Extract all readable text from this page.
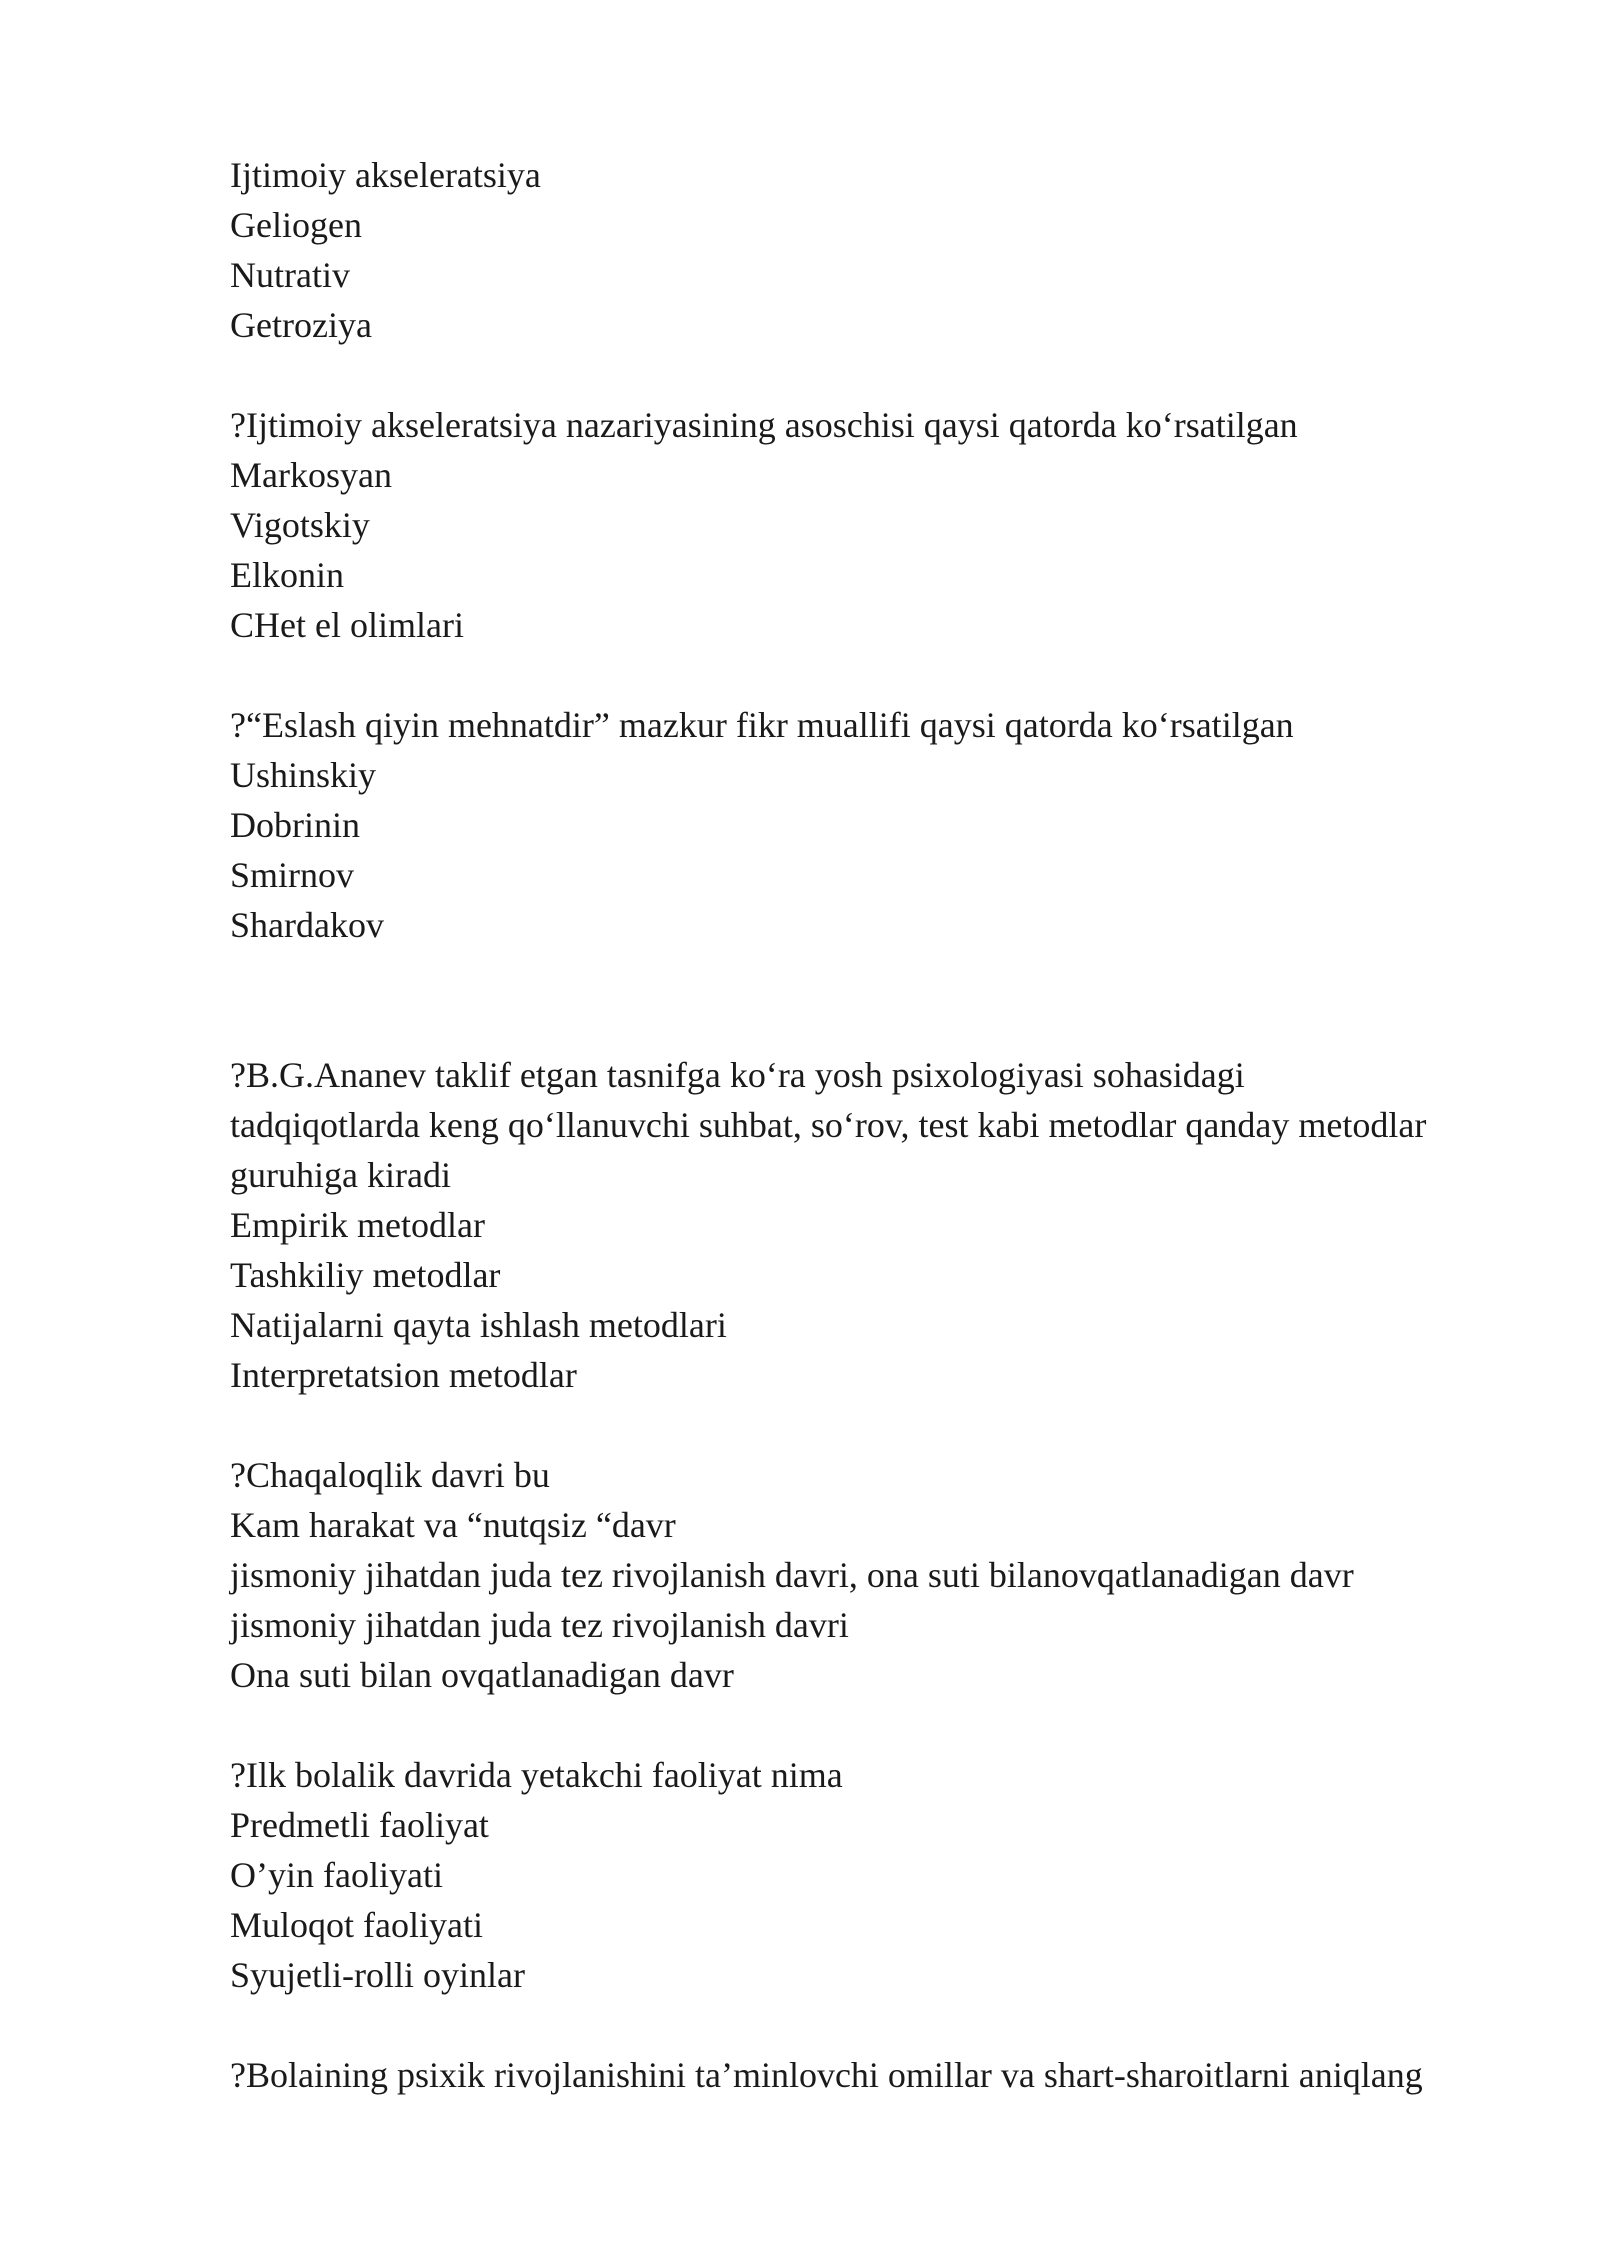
Ijtimoiy akseleratsiya
Geliogen
Nutrativ
Getroziya
?Ijtimoiy akseleratsiya nazariyasining asoschisi qaysi qatorda ko‘rsatilgan
Markosyan
Vigotskiy
Elkonin
CHet el olimlari
?“Eslash qiyin mehnatdir” mazkur fikr muallifi qaysi qatorda ko‘rsatilgan
Ushinskiy
Dobrinin
Smirnov
Shardakov
?B.G.Ananev taklif etgan tasnifga ko‘ra yosh psixologiyasi sohasidagi
tadqiqotlarda keng qo‘llanuvchi suhbat, so‘rov, test kabi metodlar qanday metodlar
guruhiga kiradi
Empirik metodlar
Tashkiliy metodlar
Natijalarni qayta ishlash metodlari
Interpretatsion metodlar
?Chaqaloqlik davri bu
Kam harakat va “nutqsiz “davr
jismoniy jihatdan juda tez rivojlanish davri, ona suti bilanovqatlanadigan davr
jismoniy jihatdan juda tez rivojlanish davri
Ona suti bilan ovqatlanadigan davr
?Ilk bolalik davrida yetakchi faoliyat nima
Predmetli faoliyat
O’yin faoliyati
Muloqot faoliyati
Syujetli-rolli oyinlar
?Bolaining psixik rivojlanishini ta’minlovchi omillar va shart-sharoitlarni aniqlang
